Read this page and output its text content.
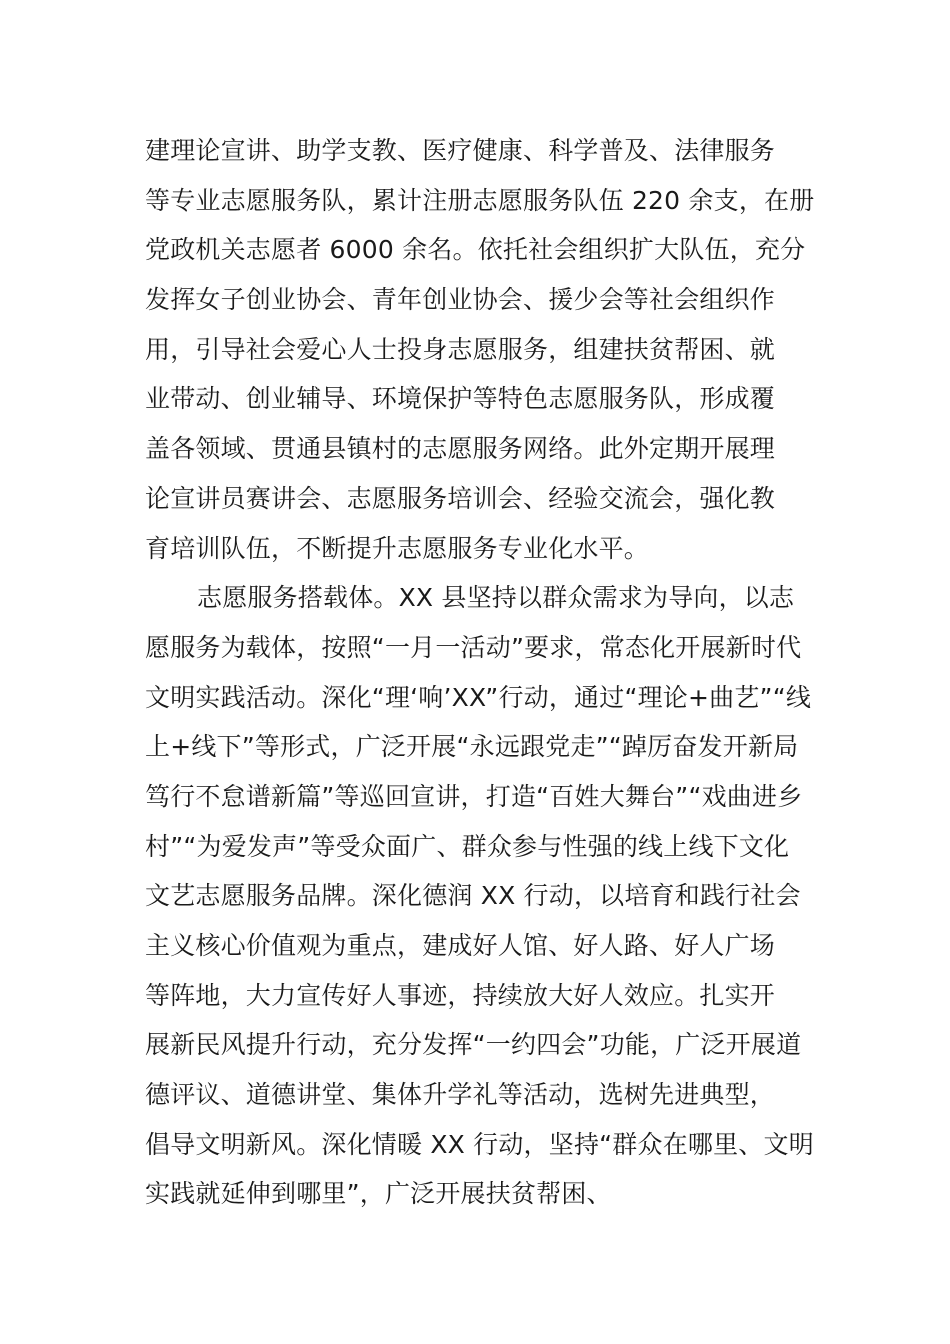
建理论宣讲、助学支教、医疗健康、科学普及、法律服务
等专业志愿服务队，累计注册志愿服务队伍 220 余支，在册
党政机关志愿者 6000 余名。依托社会组织扩大队伍，充分
发挥女子创业协会、青年创业协会、援少会等社会组织作
用，引导社会爱心人士投身志愿服务，组建扶贫帮困、就
业带动、创业辅导、环境保护等特色志愿服务队，形成覆
盖各领域、贯通县镇村的志愿服务网络。此外定期开展理
论宣讲员赛讲会、志愿服务培训会、经验交流会，强化教
育培训队伍，不断提升志愿服务专业化水平。
志愿服务搭载体。XX 县坚持以群众需求为导向，以志
愿服务为载体，按照“一月一活动”要求，常态化开展新时代
文明实践活动。深化“理‘响’XX”行动，通过“理论+曲艺”“线
上+线下”等形式，广泛开展“永远跟党走”“踔厉奋发开新局
笃行不怠谱新篇”等巡回宣讲，打造“百姓大舞台”“戏曲进乡
村”“为爱发声”等受众面广、群众参与性强的线上线下文化
文艺志愿服务品牌。深化德润 XX 行动，以培育和践行社会
主义核心价值观为重点，建成好人馆、好人路、好人广场
等阵地，大力宣传好人事迹，持续放大好人效应。扎实开
展新民风提升行动，充分发挥“一约四会”功能，广泛开展道
德评议、道德讲堂、集体升学礼等活动，选树先进典型，
倡导文明新风。深化情暖 XX 行动，坚持“群众在哪里、文明
实践就延伸到哪里”，广泛开展扶贫帮困、
